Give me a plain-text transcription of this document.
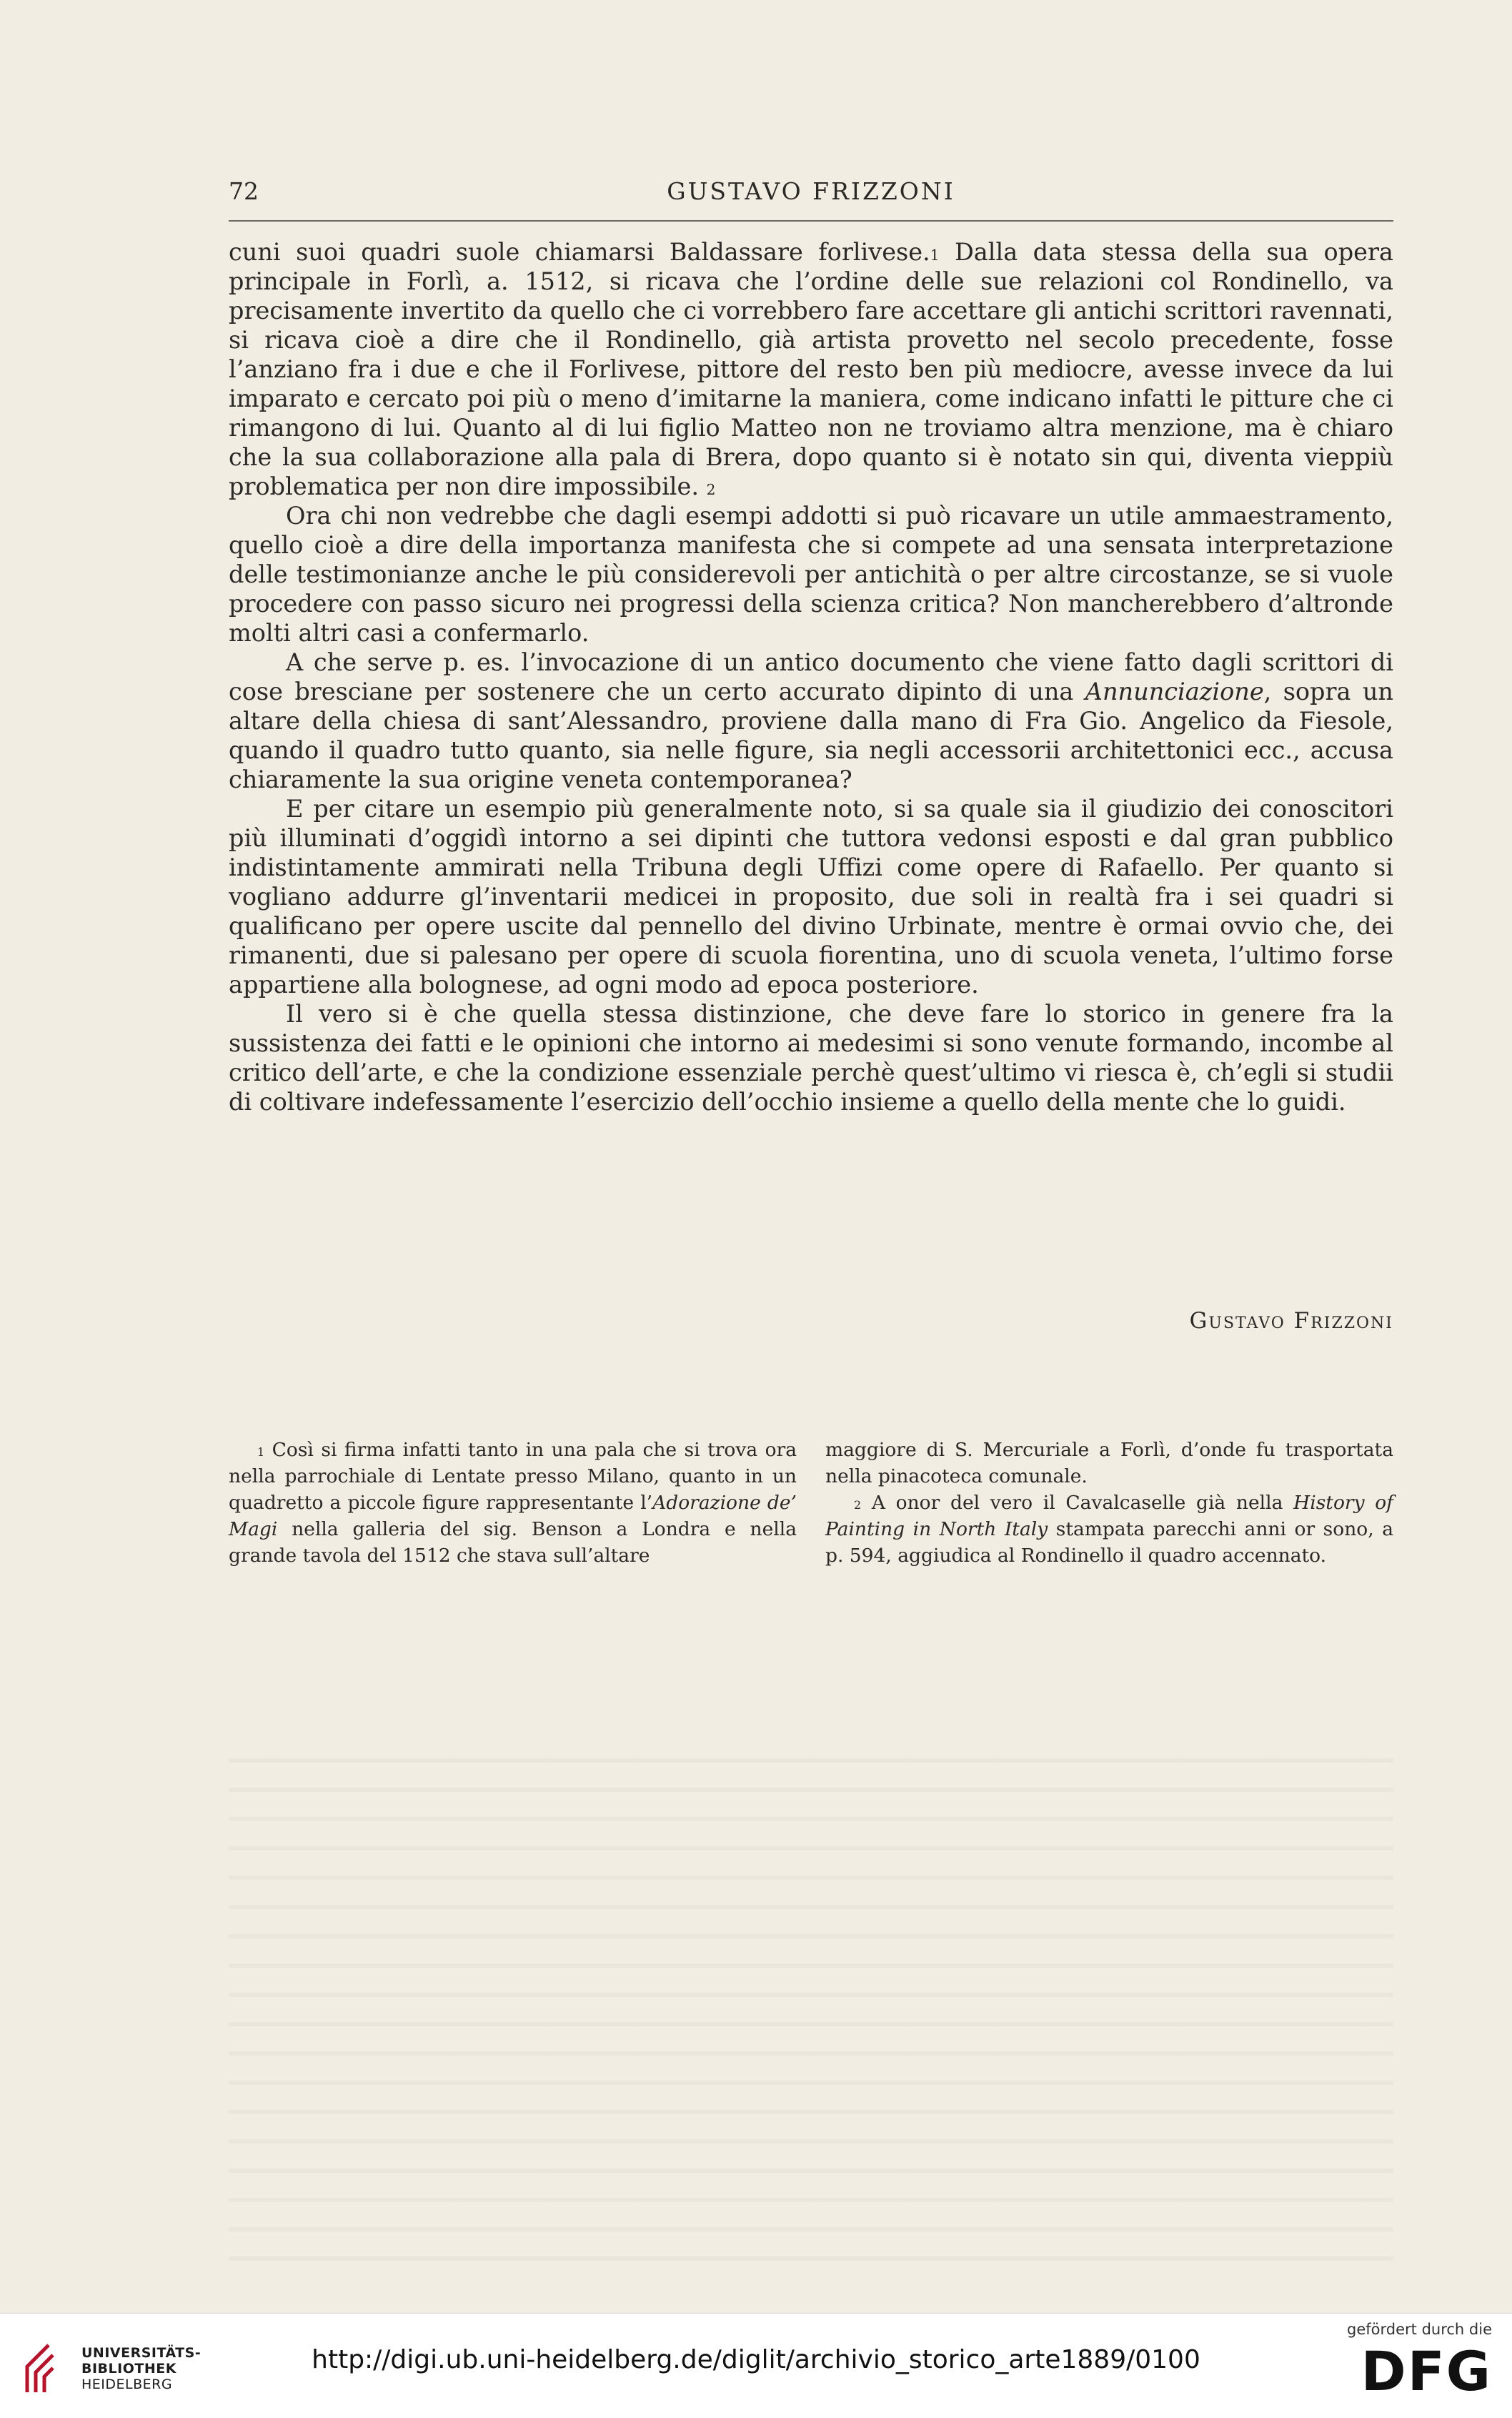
72	GUSTAVO FRIZZONI

cuni suoi quadri suole chiamarsi Baldassare forlivese.$^1$ Dalla data stessa della sua opera principale in Forlì, a. 1512, si ricava che l’ordine delle sue relazioni col Rondinello, va precisamente invertito da quello che ci vorrebbero fare accettare gli antichi scrittori ravennati, si ricava cioè a dire che il Rondinello, già artista provetto nel secolo precedente, fosse l’anziano fra i due e che il Forlivese, pittore del resto ben più mediocre, avesse invece da lui imparato e cercato poi più o meno d’imitarne la maniera, come indicano infatti le pitture che ci rimangono di lui. Quanto al di lui figlio Matteo non ne troviamo altra menzione, ma è chiaro che la sua collaborazione alla pala di Brera, dopo quanto si è notato sin qui, diventa vieppiù problematica per non dire impossibile. $^2$

Ora chi non vedrebbe che dagli esempi addotti si può ricavare un utile ammaestramento, quello cioè a dire della importanza manifesta che si compete ad una sensata interpretazione delle testimonianze anche le più considerevoli per antichità o per altre circostanze, se si vuole procedere con passo sicuro nei progressi della scienza critica? Non mancherebbero d’altronde molti altri casi a confermarlo.

A che serve p. es. l’invocazione di un antico documento che viene fatto dagli scrittori di cose bresciane per sostenere che un certo accurato dipinto di una Annunciazione, sopra un altare della chiesa di sant’Alessandro, proviene dalla mano di Fra Gio. Angelico da Fiesole, quando il quadro tutto quanto, sia nelle figure, sia negli accessorii architettonici ecc., accusa chiaramente la sua origine veneta contemporanea?

E per citare un esempio più generalmente noto, si sa quale sia il giudizio dei conoscitori più illuminati d’oggidì intorno a sei dipinti che tuttora vedonsi esposti e dal gran pubblico indistintamente ammirati nella Tribuna degli Uffizi come opere di Rafaello. Per quanto si vogliano addurre gl’inventarii medicei in proposito, due soli in realtà fra i sei quadri si qualificano per opere uscite dal pennello del divino Urbinate, mentre è ormai ovvio che, dei rimanenti, due si palesano per opere di scuola fiorentina, uno di scuola veneta, l’ultimo forse appartiene alla bolognese, ad ogni modo ad epoca posteriore.

Il vero si è che quella stessa distinzione, che deve fare lo storico in genere fra la sussistenza dei fatti e le opinioni che intorno ai medesimi si sono venute formando, incombe al critico dell’arte, e che la condizione essenziale perchè quest’ultimo vi riesca è, ch’egli si studii di coltivare indefessamente l’esercizio dell’occhio insieme a quello della mente che lo guidi.

Gustavo Frizzoni

$^1$ Così si firma infatti tanto in una pala che si trova ora nella parrochiale di Lentate presso Milano, quanto in un quadretto a piccole figure rappresentante l’Adorazione de’ Magi nella galleria del sig. Benson a Londra e nella grande tavola del 1512 che stava sull’altare

maggiore di S. Mercuriale a Forlì, d’onde fu trasportata nella pinacoteca comunale.

$^2$ A onor del vero il Cavalcaselle già nella History of Painting in North Italy stampata parecchi anni or sono, a p. 594, aggiudica al Rondinello il quadro accennato.

UNIVERSITÄTS-
BIBLIOTHEK
HEIDELBERG
http://digi.ub.uni-heidelberg.de/diglit/archivio_storico_arte1889/0100
gefördert durch die
DFG
